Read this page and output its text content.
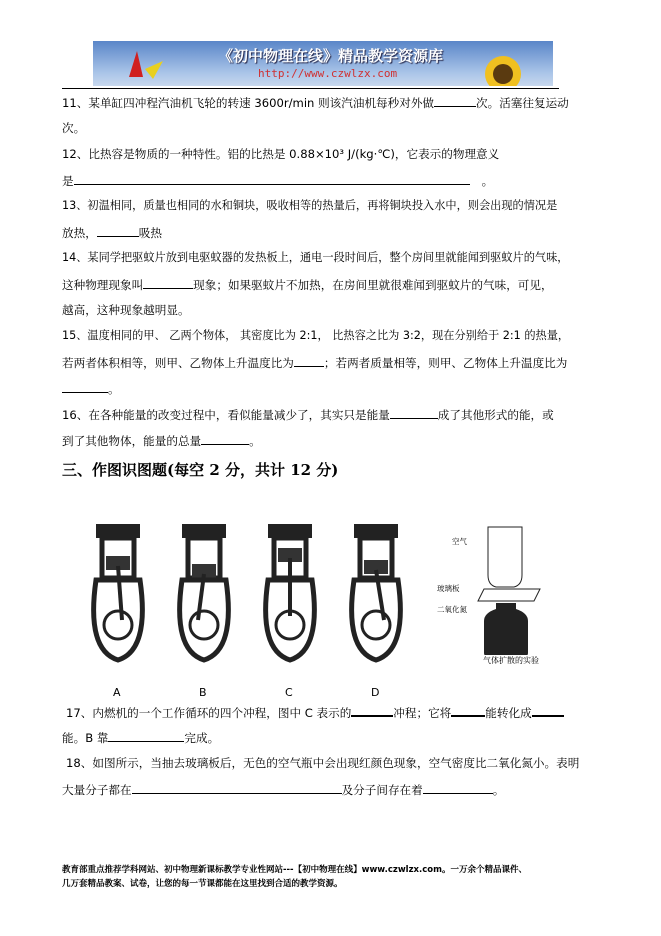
《初中物理在线》精品教学资源库
http://www.czwlzx.com
11、某单缸四冲程汽油机飞轮的转速 3600r/min 则该汽油机每秒对外做	次。活塞往复运动
次。
12、比热容是物质的一种特性。铝的比热是 0.88×10³ J/(kg·℃)，它表示的物理意义
是	。
13、初温相同，质量也相同的水和铜块，吸收相等的热量后，再将铜块投入水中，则会出现的情况是
放热，	吸热
14、某同学把驱蚊片放到电驱蚊器的发热板上，通电一段时间后，整个房间里就能闻到驱蚊片的气味，
这种物理现象叫	现象；如果驱蚊片不加热，在房间里就很难闻到驱蚊片的气味，可见，
越高，这种现象越明显。
15、温度相同的甲、 乙两个物体， 其密度比为 2:1， 比热容之比为 3:2，现在分别给于 2:1 的热量，
若两者体积相等，则甲、乙物体上升温度比为	；若两者质量相等，则甲、乙物体上升温度比为
。
16、在各种能量的改变过程中，看似能量减少了，其实只是能量	成了其他形式的能，或
到了其他物体，能量的总量	。
三、作图识图题(每空 2 分，共计 12 分)
A	B	C	D
空气
玻璃板
二氧化氮
气体扩散的实验
17、内燃机的一个工作循环的四个冲程，图中 C 表示的	冲程；它将	能转化成
能。B 靠	完成。
18、如图所示，当抽去玻璃板后，无色的空气瓶中会出现红颜色现象，空气密度比二氧化氮小。表明
大量分子都在	及分子间存在着	。
教育部重点推荐学科网站、初中物理新课标教学专业性网站---【初中物理在线】www.czwlzx.com。一万余个精品课件、
几万套精品教案、试卷，让您的每一节课都能在这里找到合适的教学资源。
